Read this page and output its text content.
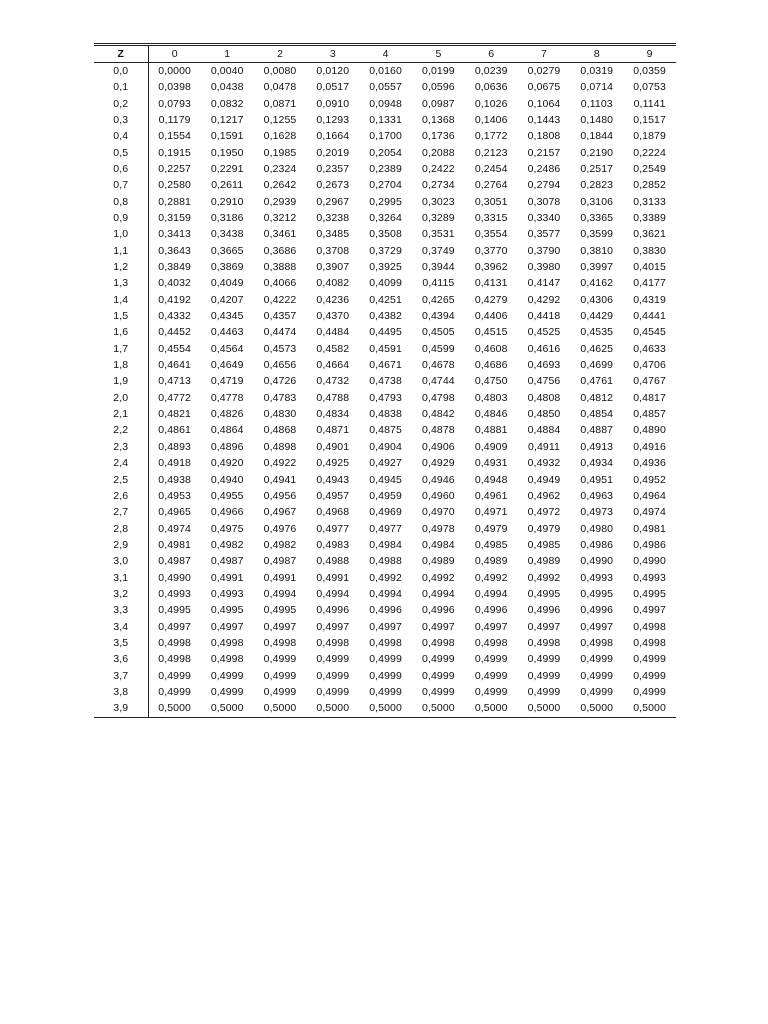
Z	0	1	2	3	4	5	6	7	8	9
0,0	0,0000	0,0040	0,0080	0,0120	0,0160	0,0199	0,0239	0,0279	0,0319	0,0359
0,1	0,0398	0,0438	0,0478	0,0517	0,0557	0,0596	0,0636	0,0675	0,0714	0,0753
0,2	0,0793	0,0832	0,0871	0,0910	0,0948	0,0987	0,1026	0,1064	0,1103	0,1141
0,3	0,1179	0,1217	0,1255	0,1293	0,1331	0,1368	0,1406	0,1443	0,1480	0,1517
0,4	0,1554	0,1591	0,1628	0,1664	0,1700	0,1736	0,1772	0,1808	0,1844	0,1879
0,5	0,1915	0,1950	0,1985	0,2019	0,2054	0,2088	0,2123	0,2157	0,2190	0,2224
0,6	0,2257	0,2291	0,2324	0,2357	0,2389	0,2422	0,2454	0,2486	0,2517	0,2549
0,7	0,2580	0,2611	0,2642	0,2673	0,2704	0,2734	0,2764	0,2794	0,2823	0,2852
0,8	0,2881	0,2910	0,2939	0,2967	0,2995	0,3023	0,3051	0,3078	0,3106	0,3133
0,9	0,3159	0,3186	0,3212	0,3238	0,3264	0,3289	0,3315	0,3340	0,3365	0,3389
1,0	0,3413	0,3438	0,3461	0,3485	0,3508	0,3531	0,3554	0,3577	0,3599	0,3621
1,1	0,3643	0,3665	0,3686	0,3708	0,3729	0,3749	0,3770	0,3790	0,3810	0,3830
1,2	0,3849	0,3869	0,3888	0,3907	0,3925	0,3944	0,3962	0,3980	0,3997	0,4015
1,3	0,4032	0,4049	0,4066	0,4082	0,4099	0,4115	0,4131	0,4147	0,4162	0,4177
1,4	0,4192	0,4207	0,4222	0,4236	0,4251	0,4265	0,4279	0,4292	0,4306	0,4319
1,5	0,4332	0,4345	0,4357	0,4370	0,4382	0,4394	0,4406	0,4418	0,4429	0,4441
1,6	0,4452	0,4463	0,4474	0,4484	0,4495	0,4505	0,4515	0,4525	0,4535	0,4545
1,7	0,4554	0,4564	0,4573	0,4582	0,4591	0,4599	0,4608	0,4616	0,4625	0,4633
1,8	0,4641	0,4649	0,4656	0,4664	0,4671	0,4678	0,4686	0,4693	0,4699	0,4706
1,9	0,4713	0,4719	0,4726	0,4732	0,4738	0,4744	0,4750	0,4756	0,4761	0,4767
2,0	0,4772	0,4778	0,4783	0,4788	0,4793	0,4798	0,4803	0,4808	0,4812	0,4817
2,1	0,4821	0,4826	0,4830	0,4834	0,4838	0,4842	0,4846	0,4850	0,4854	0,4857
2,2	0,4861	0,4864	0,4868	0,4871	0,4875	0,4878	0,4881	0,4884	0,4887	0,4890
2,3	0,4893	0,4896	0,4898	0,4901	0,4904	0,4906	0,4909	0,4911	0,4913	0,4916
2,4	0,4918	0,4920	0,4922	0,4925	0,4927	0,4929	0,4931	0,4932	0,4934	0,4936
2,5	0,4938	0,4940	0,4941	0,4943	0,4945	0,4946	0,4948	0,4949	0,4951	0,4952
2,6	0,4953	0,4955	0,4956	0,4957	0,4959	0,4960	0,4961	0,4962	0,4963	0,4964
2,7	0,4965	0,4966	0,4967	0,4968	0,4969	0,4970	0,4971	0,4972	0,4973	0,4974
2,8	0,4974	0,4975	0,4976	0,4977	0,4977	0,4978	0,4979	0,4979	0,4980	0,4981
2,9	0,4981	0,4982	0,4982	0,4983	0,4984	0,4984	0,4985	0,4985	0,4986	0,4986
3,0	0,4987	0,4987	0,4987	0,4988	0,4988	0,4989	0,4989	0,4989	0,4990	0,4990
3,1	0,4990	0,4991	0,4991	0,4991	0,4992	0,4992	0,4992	0,4992	0,4993	0,4993
3,2	0,4993	0,4993	0,4994	0,4994	0,4994	0,4994	0,4994	0,4995	0,4995	0,4995
3,3	0,4995	0,4995	0,4995	0,4996	0,4996	0,4996	0,4996	0,4996	0,4996	0,4997
3,4	0,4997	0,4997	0,4997	0,4997	0,4997	0,4997	0,4997	0,4997	0,4997	0,4998
3,5	0,4998	0,4998	0,4998	0,4998	0,4998	0,4998	0,4998	0,4998	0,4998	0,4998
3,6	0,4998	0,4998	0,4999	0,4999	0,4999	0,4999	0,4999	0,4999	0,4999	0,4999
3,7	0,4999	0,4999	0,4999	0,4999	0,4999	0,4999	0,4999	0,4999	0,4999	0,4999
3,8	0,4999	0,4999	0,4999	0,4999	0,4999	0,4999	0,4999	0,4999	0,4999	0,4999
3,9	0,5000	0,5000	0,5000	0,5000	0,5000	0,5000	0,5000	0,5000	0,5000	0,5000
